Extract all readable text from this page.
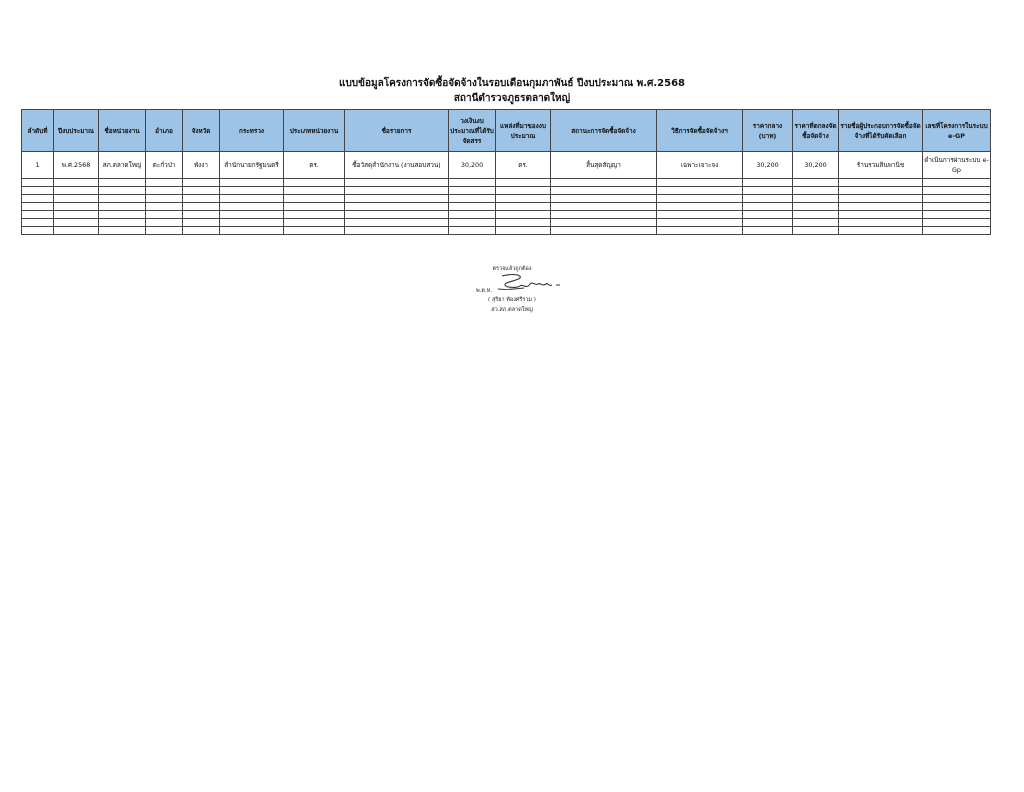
แบบข้อมูลโครงการจัดซื้อจัดจ้างในรอบเดือนกุมภาพันธ์ ปีงบประมาณ พ.ศ.2568
สถานีตำรวจภูธรตลาดใหญ่
ลำดับที่	ปีงบประมาณ	ชื่อหน่วยงาน	อำเภอ	จังหวัด	กระทรวง	ประเภทหน่วยงาน	ชื่อรายการ	วงเงินงบประมาณที่ได้รับจัดสรร	แหล่งที่มาของงบประมาณ	สถานะการจัดซื้อจัดจ้าง	วิธีการจัดซื้อจัดจ้างฯ	ราคากลาง (บาท)	ราคาที่ตกลงจัดซื้อจัดจ้าง	รายชื่อผู้ประกอบการจัดซื้อจัดจ้างที่ได้รับคัดเลือก	เลขที่โครงการในระบบ e-GP
1	พ.ศ.2568	สภ.ตลาดใหญ่	ตะกั่วป่า	พังงา	สำนักนายกรัฐมนตรี	ตร.	ซื้อวัสดุสำนักงาน (งานสอบสวน)	30,200	ตร.	สิ้นสุดสัญญา	เฉพาะเจาะจง	30,200	30,200	ร้านรวมสินพานิช	ดำเนินการผ่านระบบ e-Gp

ตรวจแล้วถูกต้อง
พ.ต.ท.
( สุริยา ท้องศรีรวม )
สว.สภ.ตลาดใหญ่
